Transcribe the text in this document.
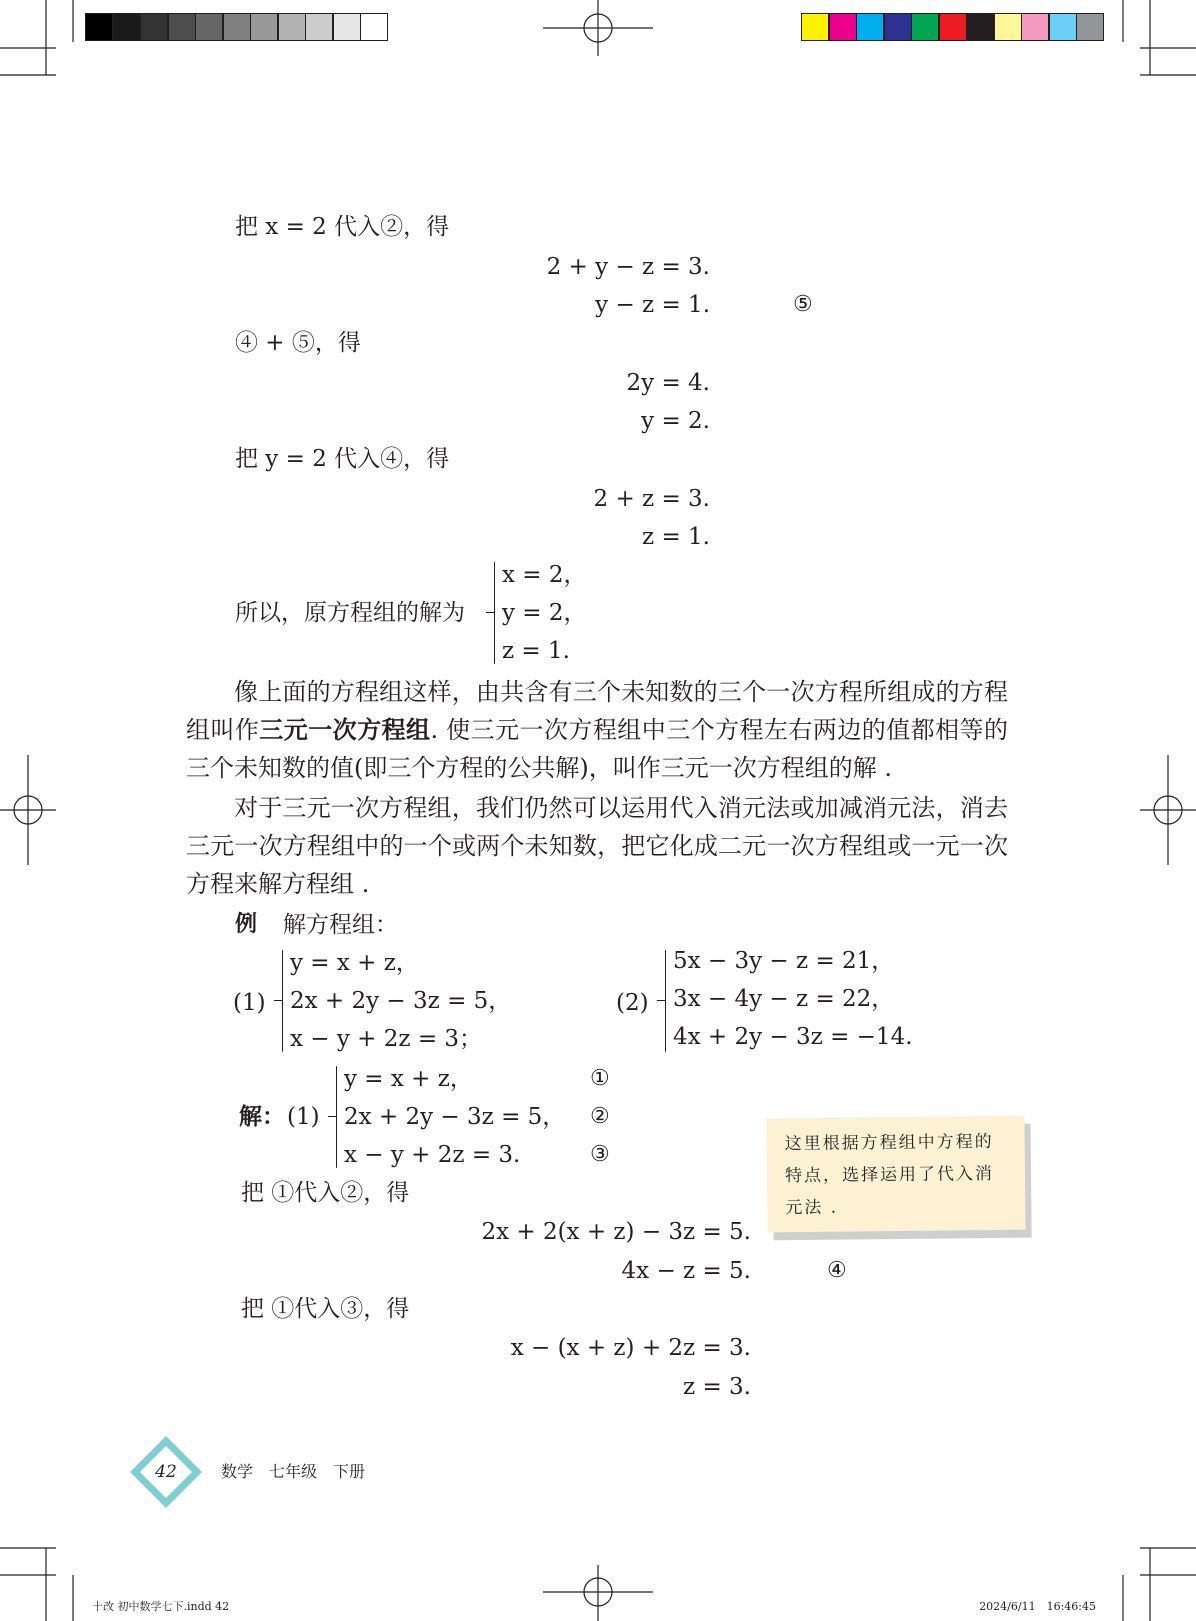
把 x = 2 代入②，得
2 + y − z = 3.
y − z = 1.	⑤
④ + ⑤，得
2y = 4.
y = 2.
把 y = 2 代入④，得
2 + z = 3.
z = 1.
所以，原方程组的解为
x = 2，
y = 2，
z = 1.
像上面的方程组这样，由共含有三个未知数的三个一次方程所组成的方程组叫作三元一次方程组. 使三元一次方程组中三个方程左右两边的值都相等的三个未知数的值(即三个方程的公共解)，叫作三元一次方程组的解 .
对于三元一次方程组，我们仍然可以运用代入消元法或加减消元法，消去三元一次方程组中的一个或两个未知数，把它化成二元一次方程组或一元一次方程来解方程组 .
例 解方程组：
(1)
y = x + z，
2x + 2y − 3z = 5，
x − y + 2z = 3；
(2)
5x − 3y − z = 21，
3x − 4y − z = 22，
4x + 2y − 3z = −14.
解： (1)
y = x + z，
2x + 2y − 3z = 5，
x − y + 2z = 3.
①
②
③
把 ①代入②，得
2x + 2(x + z) − 3z = 5.
4x − z = 5.	④
把 ①代入③，得
x − (x + z) + 2z = 3.
z = 3.
这里根据方程组中方程的特点，选择运用了代入消元法 .
42	数学　七年级　下册
十改 初中数学七下.indd 42	2024/6/11　16:46:45
